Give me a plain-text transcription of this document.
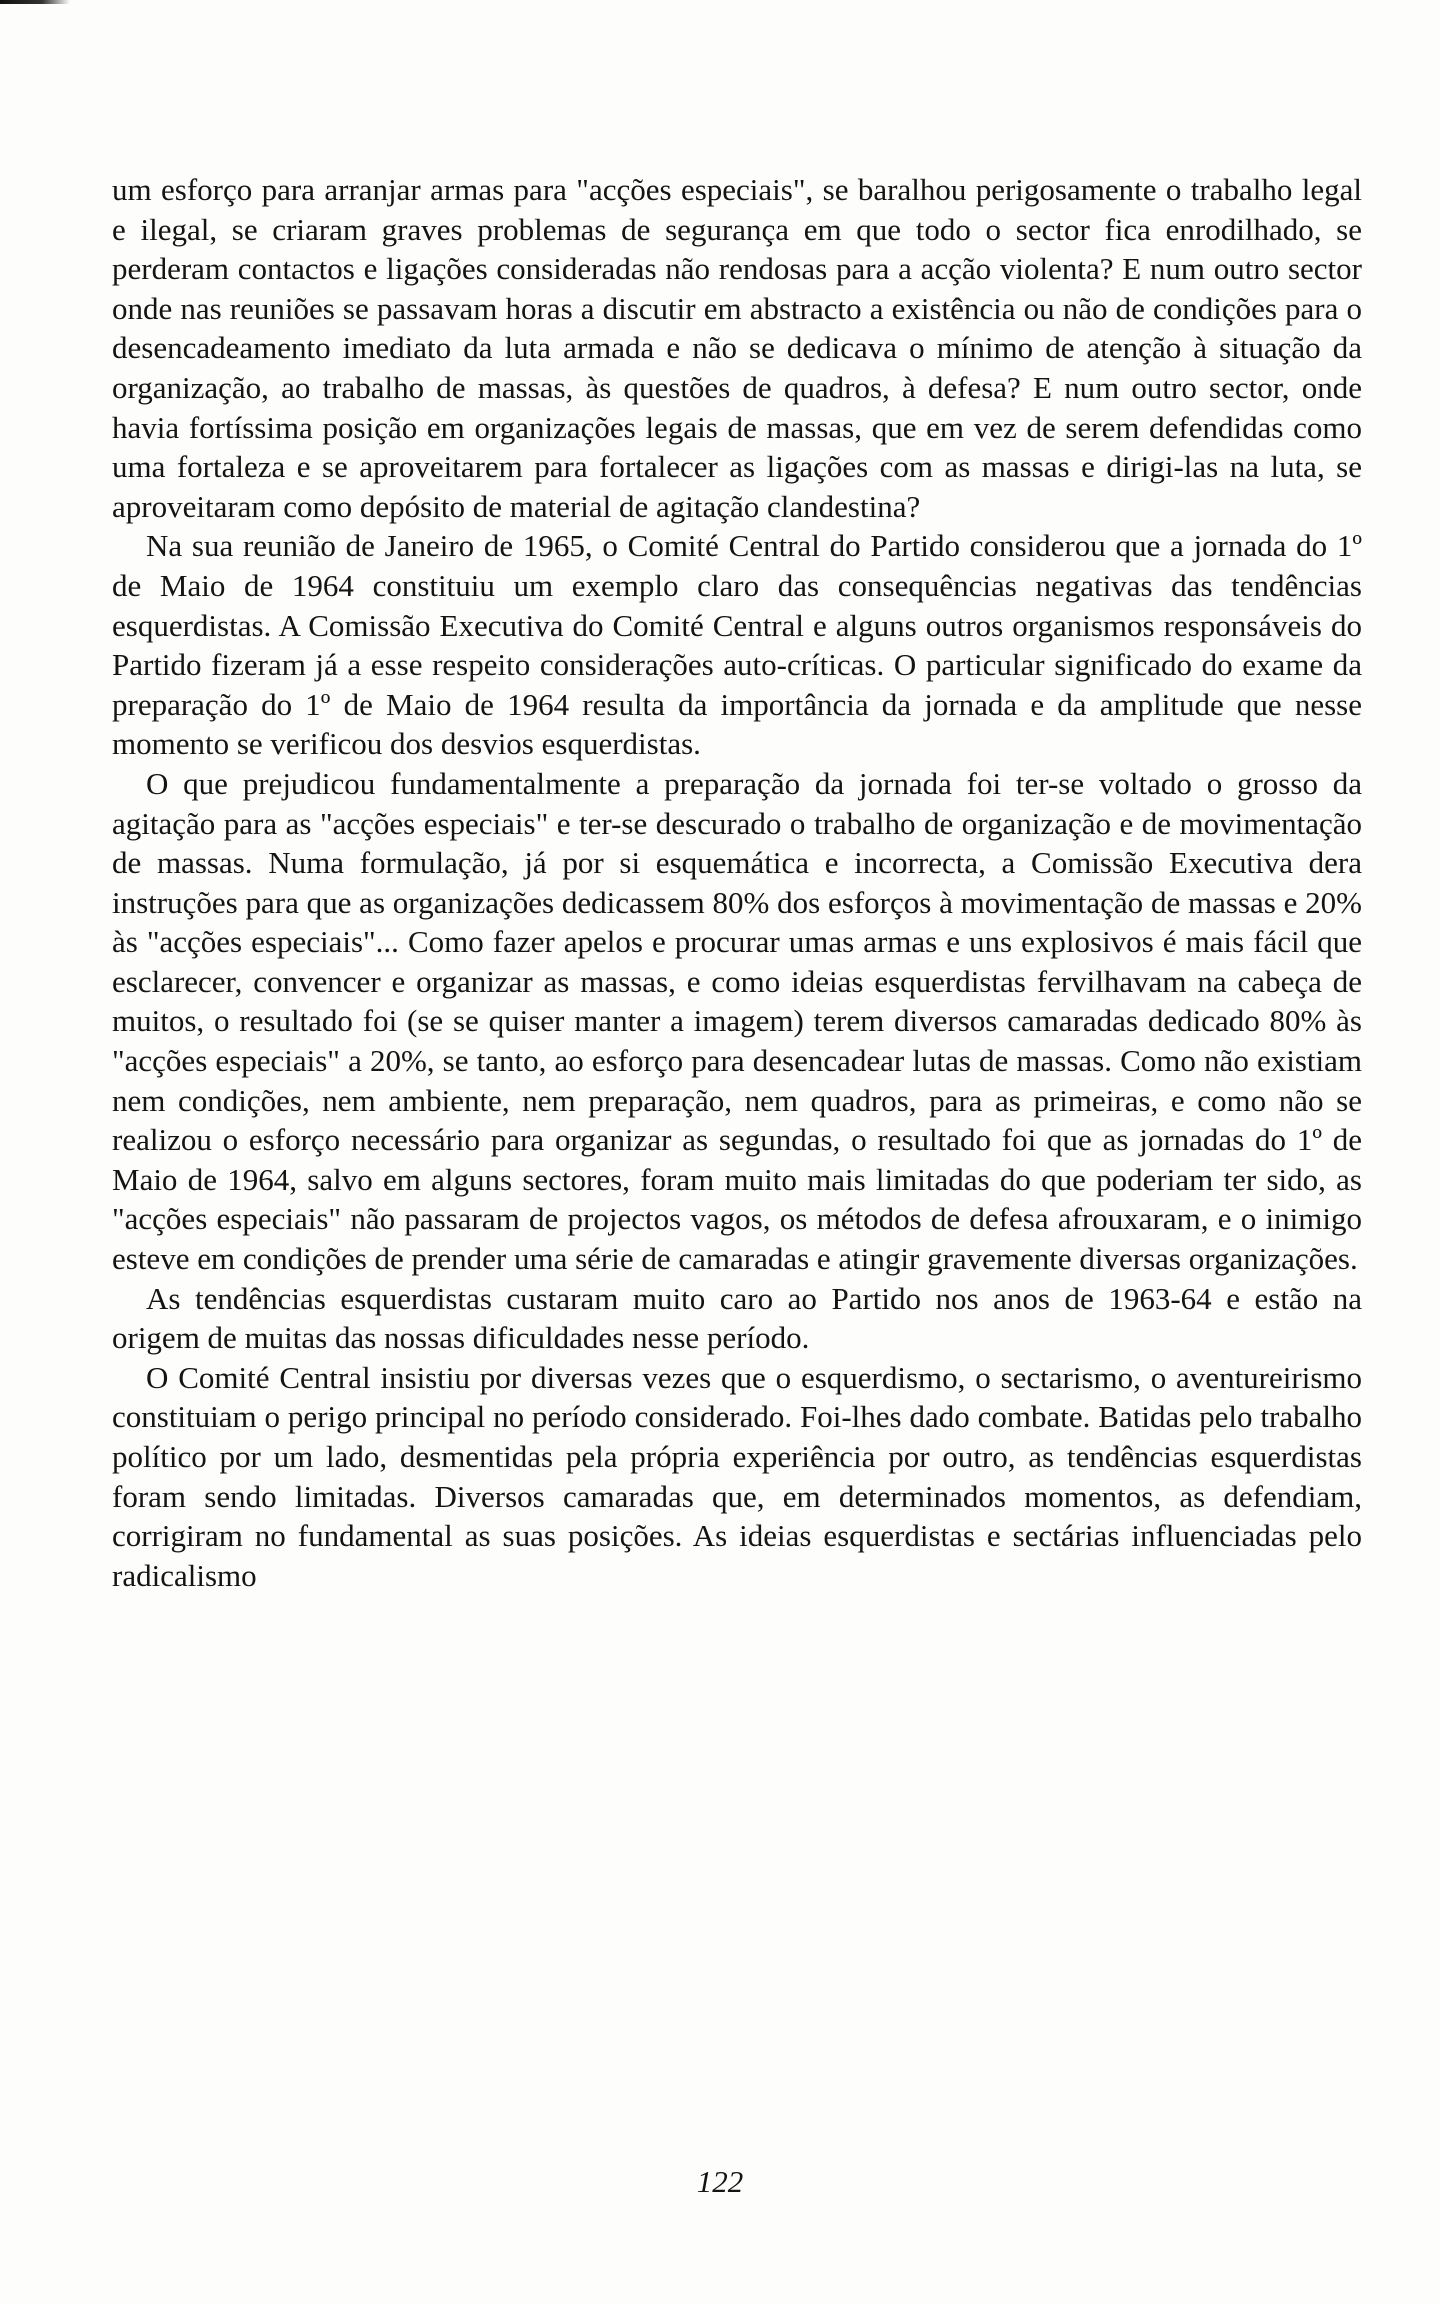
um esforço para arranjar armas para "acções especiais", se baralhou perigosamente o trabalho legal e ilegal, se criaram graves problemas de segurança em que todo o sector fica enrodilhado, se perderam contactos e ligações consideradas não rendosas para a acção violenta? E num outro sector onde nas reuniões se passavam horas a discutir em abstracto a existência ou não de condições para o desencadeamento imediato da luta armada e não se dedicava o mínimo de atenção à situação da organização, ao trabalho de massas, às questões de quadros, à defesa? E num outro sector, onde havia fortíssima posição em organizações legais de massas, que em vez de serem defendidas como uma fortaleza e se aproveitarem para fortalecer as ligações com as massas e dirigi-las na luta, se aproveitaram como depósito de material de agitação clandestina?

Na sua reunião de Janeiro de 1965, o Comité Central do Partido considerou que a jornada do 1º de Maio de 1964 constituiu um exemplo claro das consequências negativas das tendências esquerdistas. A Comissão Executiva do Comité Central e alguns outros organismos responsáveis do Partido fizeram já a esse respeito considerações auto-críticas. O particular significado do exame da preparação do 1º de Maio de 1964 resulta da importância da jornada e da amplitude que nesse momento se verificou dos desvios esquerdistas.

O que prejudicou fundamentalmente a preparação da jornada foi ter-se voltado o grosso da agitação para as "acções especiais" e ter-se descurado o trabalho de organização e de movimentação de massas. Numa formulação, já por si esquemática e incorrecta, a Comissão Executiva dera instruções para que as organizações dedicassem 80% dos esforços à movimentação de massas e 20% às "acções especiais"... Como fazer apelos e procurar umas armas e uns explosivos é mais fácil que esclarecer, convencer e organizar as massas, e como ideias esquerdistas fervilhavam na cabeça de muitos, o resultado foi (se se quiser manter a imagem) terem diversos camaradas dedicado 80% às "acções especiais" a 20%, se tanto, ao esforço para desencadear lutas de massas. Como não existiam nem condições, nem ambiente, nem preparação, nem quadros, para as primeiras, e como não se realizou o esforço necessário para organizar as segundas, o resultado foi que as jornadas do 1º de Maio de 1964, salvo em alguns sectores, foram muito mais limitadas do que poderiam ter sido, as "acções especiais" não passaram de projectos vagos, os métodos de defesa afrouxaram, e o inimigo esteve em condições de prender uma série de camaradas e atingir gravemente diversas organizações.

As tendências esquerdistas custaram muito caro ao Partido nos anos de 1963-64 e estão na origem de muitas das nossas dificuldades nesse período.

O Comité Central insistiu por diversas vezes que o esquerdismo, o sectarismo, o aventureirismo constituiam o perigo principal no período considerado. Foi-lhes dado combate. Batidas pelo trabalho político por um lado, desmentidas pela própria experiência por outro, as tendências esquerdistas foram sendo limitadas. Diversos camaradas que, em determinados momentos, as defendiam, corrigiram no fundamental as suas posições. As ideias esquerdistas e sectárias influenciadas pelo radicalismo

122
